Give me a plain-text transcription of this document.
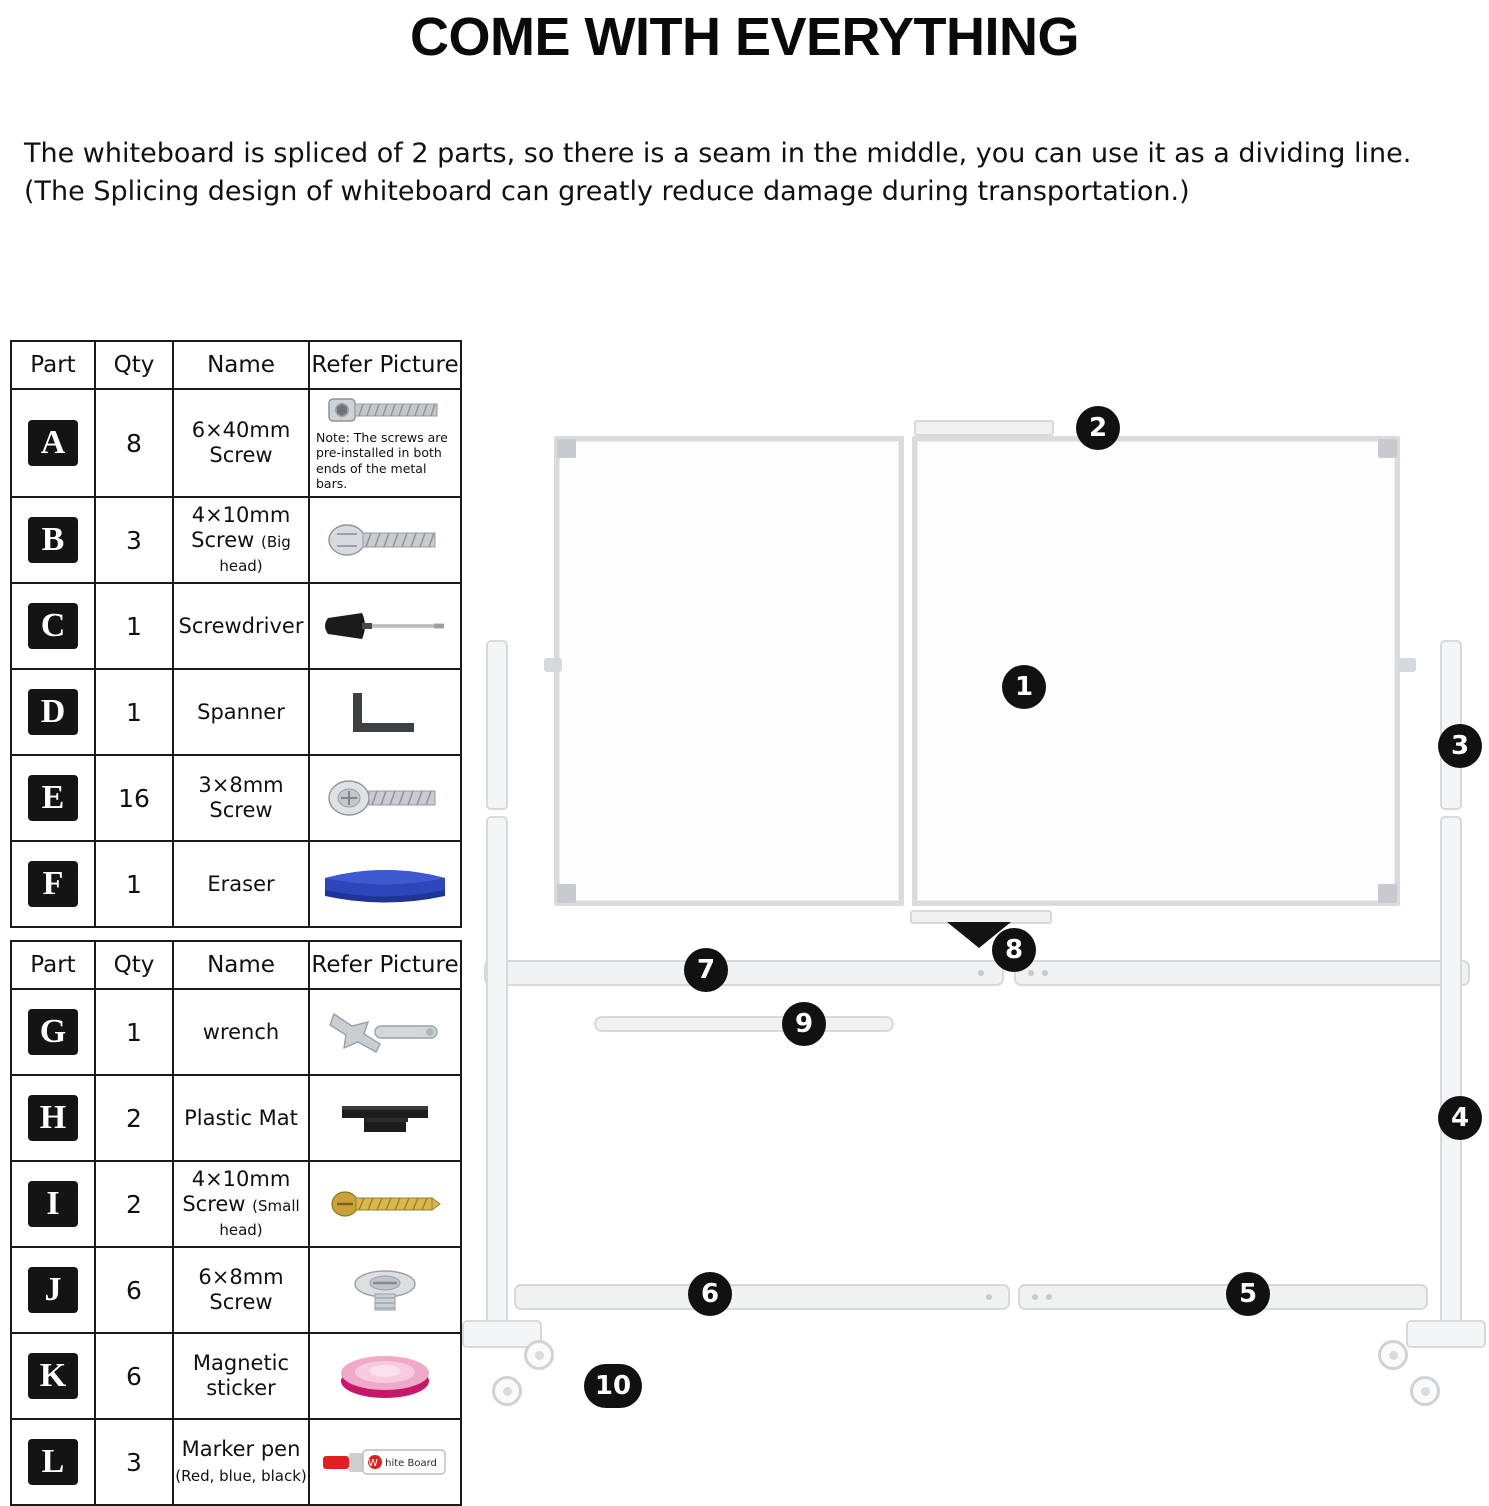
COME WITH EVERYTHING
The whiteboard is spliced of 2 parts, so there is a seam in the middle, you can use it as a dividing line.
(The Splicing design of whiteboard can greatly reduce damage during transportation.)
Part	Qty	Name	Refer Picture
A	8	6×40mm
Screw	Note: The screws are pre-installed in both ends of the metal bars.

B	3	4×10mm
Screw (Big head)

C	1	Screwdriver	

D	1	Spanner	

E	16	3×8mm
Screw

F	1	Eraser	
Part	Qty	Name	Refer Picture
G	1	wrench	

H	2	Plastic Mat	

I	2	4×10mm
Screw (Small head)

J	6	6×8mm
Screw

K	6	Magnetic
sticker

L	3	Marker pen
(Red, blue, black)

W hite Board
1
2
3
4
5
6
7
8
9
10
